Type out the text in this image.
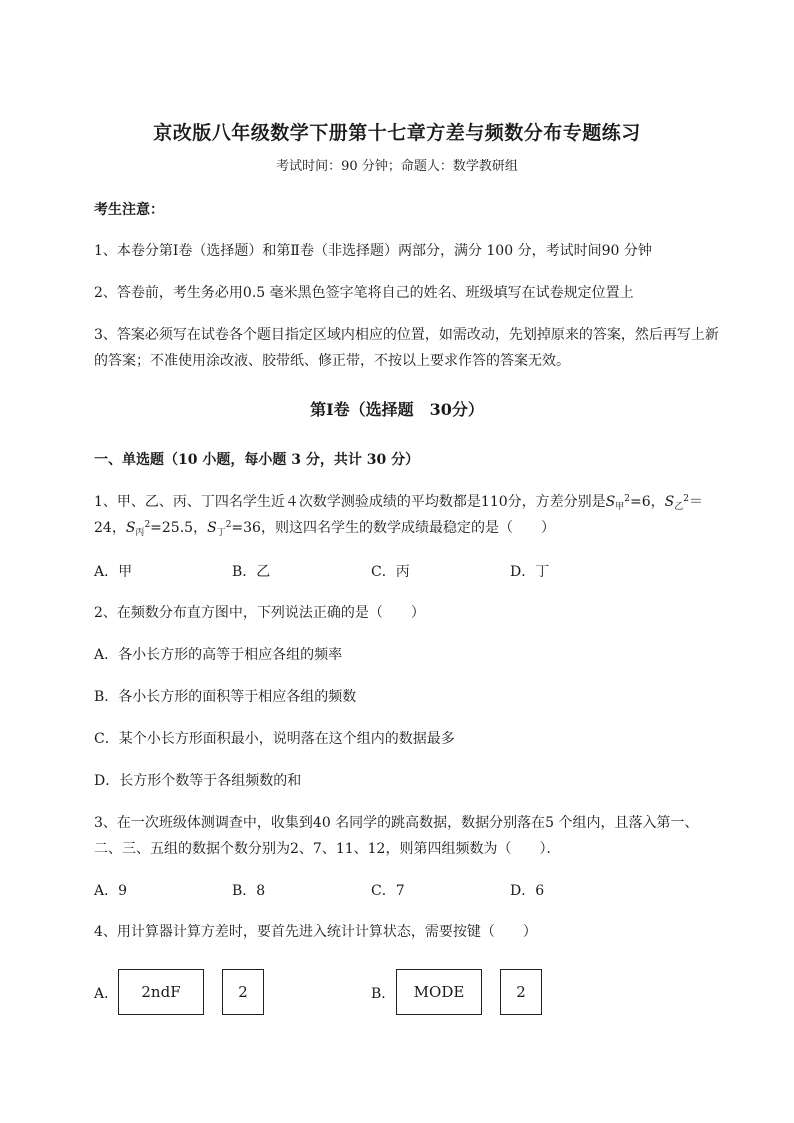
京改版八年级数学下册第十七章方差与频数分布专题练习
考试时间：90 分钟；命题人：数学教研组
考生注意：
1、本卷分第Ⅰ卷（选择题）和第Ⅱ卷（非选择题）两部分，满分 100 分，考试时间90 分钟
2、答卷前，考生务必用0.5 毫米黑色签字笔将自己的姓名、班级填写在试卷规定位置上
3、答案必须写在试卷各个题目指定区域内相应的位置，如需改动，先划掉原来的答案，然后再写上新
的答案；不准使用涂改液、胶带纸、修正带，不按以上要求作答的答案无效。
第Ⅰ卷（选择题　30分）
一、单选题（10 小题，每小题 3 分，共计 30 分）
1、甲、乙、丙、丁四名学生近４次数学测验成绩的平均数都是110分，方差分别是$S_甲^2=6$，$S_乙^2=$
24，$S_丙^2=25.5$，$S_丁^2=36$，则这四名学生的数学成绩最稳定的是（　　）
A．甲	B．乙	C．丙	D．丁
2、在频数分布直方图中，下列说法正确的是（　　）
A．各小长方形的高等于相应各组的频率
B．各小长方形的面积等于相应各组的频数
C．某个小长方形面积最小，说明落在这个组内的数据最多
D．长方形个数等于各组频数的和
3、在一次班级体测调查中，收集到40 名同学的跳高数据，数据分别落在5 个组内，且落入第一、
二、三、五组的数据个数分别为2、7、11、12，则第四组频数为（　　）．
A．9	B．8	C．7	D．6
4、用计算器计算方差时，要首先进入统计计算状态，需要按键（　　）
A．	2ndF	2	B．	MODE	2
